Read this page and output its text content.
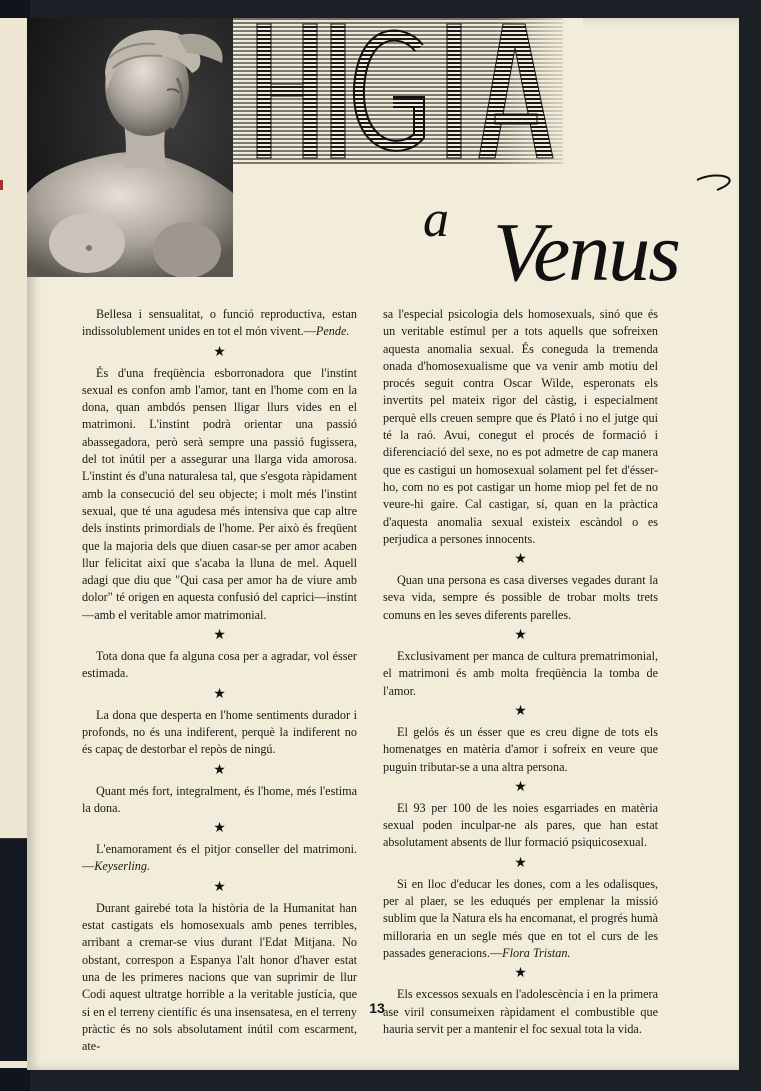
HIGIA
a Venus

Bellesa i sensualitat, o funció reproductiva, estan indissolublement unides en tot el món vivent.—Pende.

★

És d'una freqüència esborronadora que l'instint sexual es confon amb l'amor, tant en l'home com en la dona, quan ambdós pensen lligar llurs vides en el matrimoni. L'instint podrà orientar una passió abassegadora, però serà sempre una passió fugissera, del tot inútil per a assegurar una llarga vida amorosa. L'instint és d'una naturalesa tal, que s'esgota ràpidament amb la consecució del seu objecte; i molt més l'instint sexual, que té una agudesa més intensiva que cap altre dels instints primordials de l'home. Per això és freqüent que la majoria dels que diuen casar-se per amor acaben llur felicitat així que s'acaba la lluna de mel. Aquell adagi que diu que "Qui casa per amor ha de viure amb dolor" té origen en aquesta confusió del caprici—instint—amb el veritable amor matrimonial.

★

Tota dona que fa alguna cosa per a agradar, vol ésser estimada.

★

La dona que desperta en l'home sentiments durador i profonds, no és una indiferent, perquè la indiferent no és capaç de destorbar el repòs de ningú.

★

Quant més fort, integralment, és l'home, més l'estima la dona.

★

L'enamorament és el pitjor conseller del matrimoni.—Keyserling.

★

Durant gairebé tota la història de la Humanitat han estat castigats els homosexuals amb penes terribles, arribant a cremar-se vius durant l'Edat Mitjana. No obstant, correspon a Espanya l'alt honor d'haver estat una de les primeres nacions que van suprimir de llur Codi aquest ultratge horrible a la veritable justícia, que si en el terreny científic és una insensatesa, en el terreny pràctic és no sols absolutament inútil com escarment, ate-

sa l'especial psicologia dels homosexuals, sinó que és un veritable estímul per a tots aquells que sofreixen aquesta anomalia sexual. És coneguda la tremenda onada d'homosexualisme que va venir amb motiu del procés seguit contra Oscar Wilde, esperonats els invertits pel mateix rigor del càstig, i especialment perquè ells creuen sempre que és Plató i no el jutge qui té la raó. Avui, conegut el procés de formació i diferenciació del sexe, no es pot admetre de cap manera que es castigui un homosexual solament pel fet d'ésser-ho, com no es pot castigar un home miop pel fet de no veure-hi gaire. Cal castigar, sí, quan en la pràctica d'aquesta anomalia sexual existeix escàndol o es perjudica a persones innocents.

★

Quan una persona es casa diverses vegades durant la seva vida, sempre és possible de trobar molts trets comuns en les seves diferents parelles.

★

Exclusivament per manca de cultura prematrimonial, el matrimoni és amb molta freqüència la tomba de l'amor.

★

El gelós és un ésser que es creu digne de tots els homenatges en matèria d'amor i sofreix en veure que puguin tributar-se a una altra persona.

★

El 93 per 100 de les noies esgarriades en matèria sexual poden inculpar-ne als pares, que han estat absolutament absents de llur formació psiquicosexual.

★

Si en lloc d'educar les dones, com a les odalisques, per al plaer, se les eduqués per emplenar la missió sublim que la Natura els ha encomanat, el progrés humà milloraria en un segle més que en tot el curs de les passades generacions.—Flora Tristan.

★

Els excessos sexuals en l'adolescència i en la primera ase viril consumeixen ràpidament el combustible que hauria servit per a mantenir el foc sexual tota la vida.

13
